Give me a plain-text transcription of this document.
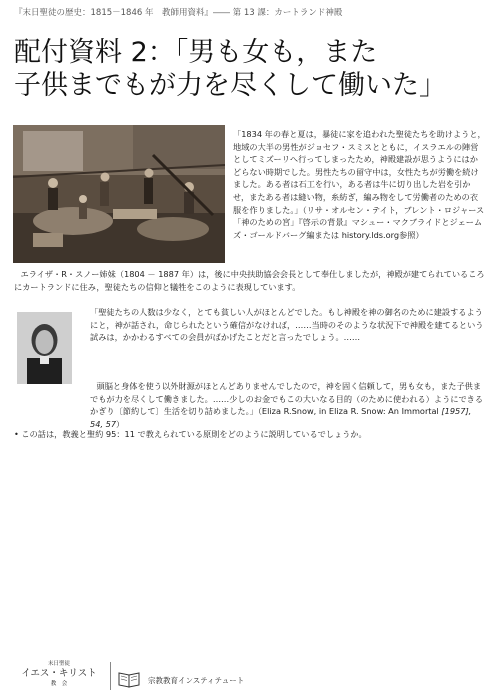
『末日聖徒の歴史：1815－1846 年　教師用資料』―― 第 13 課：カートランド神殿
配付資料 2：「男も女も，また
子供までもが力を尽くして働いた」
「1834 年の春と夏は，暴徒に家を追われた聖徒たちを助けようと，地域の大半の男性がジョセフ・スミスとともに，イスラエルの陣営としてミズーリへ行ってしまったため，神殿建設が思うようにはかどらない時期でした。男性たちの留守中は，女性たちが労働を続けました。ある者は石工を行い，ある者は牛に切り出した岩を引かせ，またある者は縫い物，糸紡ぎ，編み物をして労働者のための衣服を作りました。」（リサ・オルセン・テイト，ブレント・ロジャース「神のための宮」『啓示の背景』マシュー・マクブライドとジェームズ・ゴールドバーグ編または history.lds.org参照）
エライザ・R・スノー姉妹（1804 － 1887 年）は，後に中央扶助協会会長として奉仕しましたが，神殿が建てられているころにカートランドに住み，聖徒たちの信仰と犠牲をこのように表現しています。
「聖徒たちの人数は少なく，とても貧しい人がほとんどでした。もし神殿を神の御名のために建設するようにと，神が話され，命じられたという確信がなければ，……当時のそのような状況下で神殿を建てるという試みは，かかわるすべての会員がばかげたことだと言ったでしょう。……
頭脳と身体を使う以外財源がほとんどありませんでしたので，神を固く信頼して，男も女も，また子供までもが力を尽くして働きました。……少しのお金でもこの大いなる目的（のために使われる）ようにできるかぎり〔節約して〕生活を切り詰めました。」（Eliza R.Snow, in Eliza R. Snow: An Immortal [1957], 54, 57）
• この話は，教義と聖約 95：11 で教えられている原則をどのように説明しているでしょうか。
末日聖徒
イエス・キリスト
教　会	宗教教育インスティテュート
